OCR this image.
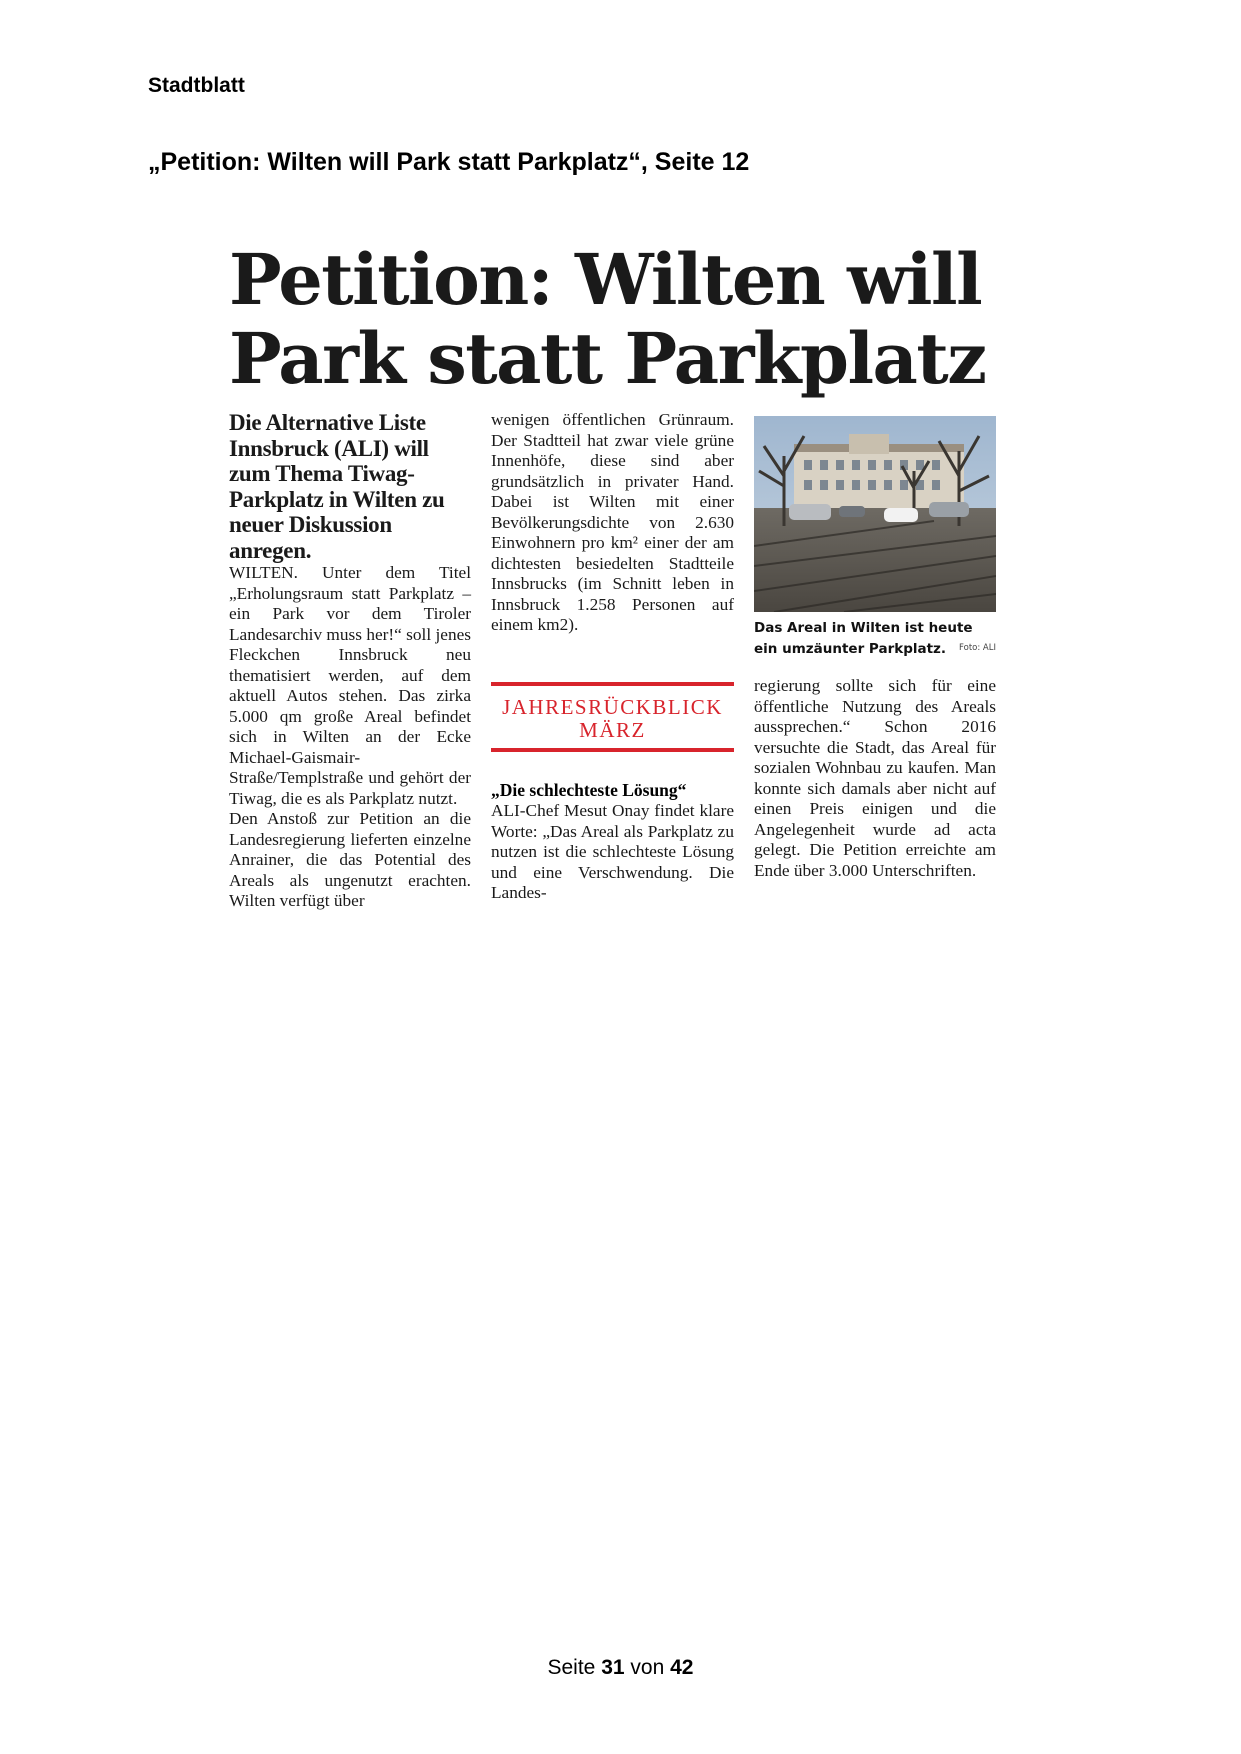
Stadtblatt
„Petition: Wilten will Park statt Parkplatz“, Seite 12
Petition: Wilten will
Park statt Parkplatz

Die Alternative Liste Innsbruck (ALI) will zum Thema Tiwag-Parkplatz in Wilten zu neuer Diskussion anregen.

WILTEN. Unter dem Titel „Erholungsraum statt Parkplatz – ein Park vor dem Tiroler Landesarchiv muss her!“ soll jenes Fleckchen Innsbruck neu thematisiert werden, auf dem aktuell Autos stehen. Das zirka 5.000 qm große Areal befindet sich in Wilten an der Ecke Michael-Gaismair-Straße/Templstraße und gehört der Tiwag, die es als Parkplatz nutzt.

Den Anstoß zur Petition an die Landesregierung lieferten einzelne Anrainer, die das Potential des Areals als ungenutzt erachten. Wilten verfügt über

wenigen öffentlichen Grünraum. Der Stadtteil hat zwar viele grüne Innenhöfe, diese sind aber grundsätzlich in privater Hand. Dabei ist Wilten mit einer Bevölkerungsdichte von 2.630 Einwohnern pro km² einer der am dichtesten besiedelten Stadtteile Innsbrucks (im Schnitt leben in Innsbruck 1.258 Personen auf einem km2).

JAHRESRÜCKBLICK
MÄRZ
„Die schlechteste Lösung“

ALI-Chef Mesut Onay findet klare Worte: „Das Areal als Parkplatz zu nutzen ist die schlechteste Lösung und eine Verschwendung. Die Landes-

Das Areal in Wilten ist heute ein umzäunter Parkplatz.	Foto: ALI

regierung sollte sich für eine öffentliche Nutzung des Areals aussprechen.“ Schon 2016 versuchte die Stadt, das Areal für sozialen Wohnbau zu kaufen. Man konnte sich damals aber nicht auf einen Preis einigen und die Angelegenheit wurde ad acta gelegt. Die Petition erreichte am Ende über 3.000 Unterschriften.

Seite 31 von 42
